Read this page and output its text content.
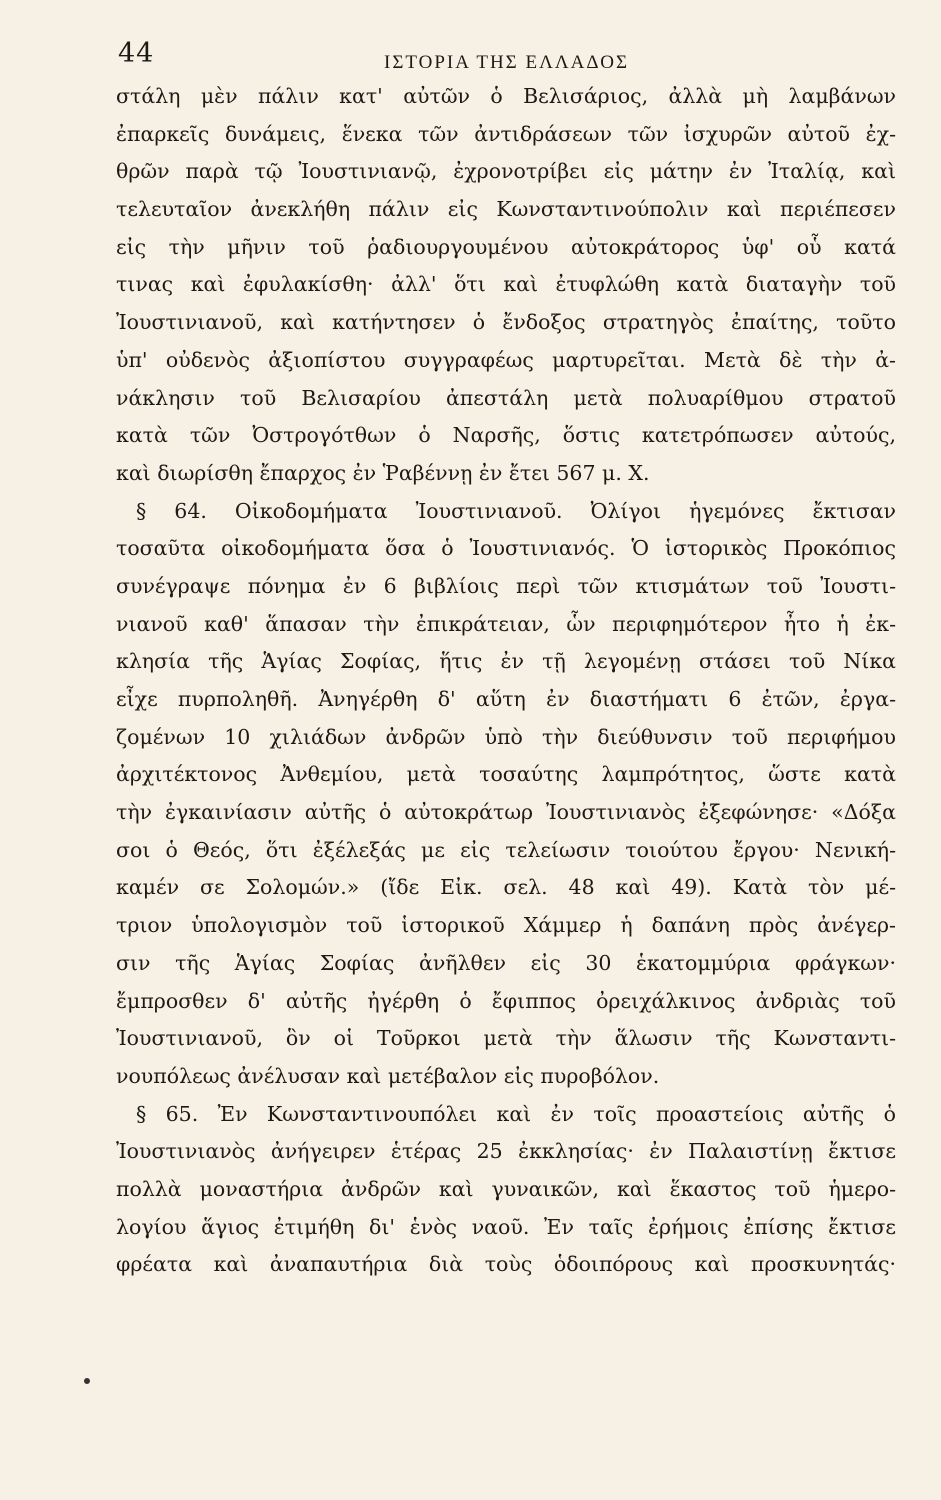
44	ΙΣΤΟΡΙΑ ΤΗΣ ΕΛΛΑΔΟΣ
στάλη μὲν πάλιν κατ' αὐτῶν ὁ Βελισάριος, ἀλλὰ μὴ λαμβάνων
ἐπαρκεῖς δυνάμεις, ἕνεκα τῶν ἀντιδράσεων τῶν ἰσχυρῶν αὐτοῦ ἐχ-
θρῶν παρὰ τῷ Ἰουστινιανῷ, ἐχρονοτρίβει εἰς μάτην ἐν Ἰταλίᾳ, καὶ
τελευταῖον ἀνεκλήθη πάλιν εἰς Κωνσταντινούπολιν καὶ περιέπεσεν
εἰς τὴν μῆνιν τοῦ ῥαδιουργουμένου αὐτοκράτορος ὑφ' οὗ κατά
τινας καὶ ἐφυλακίσθη· ἀλλ' ὅτι καὶ ἐτυφλώθη κατὰ διαταγὴν τοῦ
Ἰουστινιανοῦ, καὶ κατήντησεν ὁ ἔνδοξος στρατηγὸς ἐπαίτης, τοῦτο
ὑπ' οὐδενὸς ἀξιοπίστου συγγραφέως μαρτυρεῖται. Μετὰ δὲ τὴν ἀ-
νάκλησιν τοῦ Βελισαρίου ἀπεστάλη μετὰ πολυαρίθμου στρατοῦ
κατὰ τῶν Ὀστρογότθων ὁ Ναρσῆς, ὅστις κατετρόπωσεν αὐτούς,
καὶ διωρίσθη ἔπαρχος ἐν Ῥαβέννῃ ἐν ἔτει 567 μ. Χ.
§ 64. Οἰκοδομήματα Ἰουστινιανοῦ. Ὀλίγοι ἡγεμόνες ἔκτισαν
τοσαῦτα οἰκοδομήματα ὅσα ὁ Ἰουστινιανός. Ὁ ἱστορικὸς Προκόπιος
συνέγραψε πόνημα ἐν 6 βιβλίοις περὶ τῶν κτισμάτων τοῦ Ἰουστι-
νιανοῦ καθ' ἅπασαν τὴν ἐπικράτειαν, ὧν περιφημότερον ἦτο ἡ ἐκ-
κλησία τῆς Ἁγίας Σοφίας, ἥτις ἐν τῇ λεγομένῃ στάσει τοῦ Νίκα
εἶχε πυρποληθῆ. Ἀνηγέρθη δ' αὕτη ἐν διαστήματι 6 ἐτῶν, ἐργα-
ζομένων 10 χιλιάδων ἀνδρῶν ὑπὸ τὴν διεύθυνσιν τοῦ περιφήμου
ἀρχιτέκτονος Ἀνθεμίου, μετὰ τοσαύτης λαμπρότητος, ὥστε κατὰ
τὴν ἐγκαινίασιν αὐτῆς ὁ αὐτοκράτωρ Ἰουστινιανὸς ἐξεφώνησε· «Δόξα
σοι ὁ Θεός, ὅτι ἐξέλεξάς με εἰς τελείωσιν τοιούτου ἔργου· Νενική-
καμέν σε Σολομών.» (ἴδε Εἰκ. σελ. 48 καὶ 49). Κατὰ τὸν μέ-
τριον ὑπολογισμὸν τοῦ ἱστορικοῦ Χάμμερ ἡ δαπάνη πρὸς ἀνέγερ-
σιν τῆς Ἁγίας Σοφίας ἀνῆλθεν εἰς 30 ἑκατομμύρια φράγκων·
ἔμπροσθεν δ' αὐτῆς ἠγέρθη ὁ ἔφιππος ὀρειχάλκινος ἀνδριὰς τοῦ
Ἰουστινιανοῦ, ὃν οἱ Τοῦρκοι μετὰ τὴν ἅλωσιν τῆς Κωνσταντι-
νουπόλεως ἀνέλυσαν καὶ μετέβαλον εἰς πυροβόλον.
§ 65. Ἐν Κωνσταντινουπόλει καὶ ἐν τοῖς προαστείοις αὐτῆς ὁ
Ἰουστινιανὸς ἀνήγειρεν ἑτέρας 25 ἐκκλησίας· ἐν Παλαιστίνῃ ἔκτισε
πολλὰ μοναστήρια ἀνδρῶν καὶ γυναικῶν, καὶ ἕκαστος τοῦ ἡμερο-
λογίου ἅγιος ἐτιμήθη δι' ἑνὸς ναοῦ. Ἐν ταῖς ἐρήμοις ἐπίσης ἔκτισε
φρέατα καὶ ἀναπαυτήρια διὰ τοὺς ὁδοιπόρους καὶ προσκυνητάς·
